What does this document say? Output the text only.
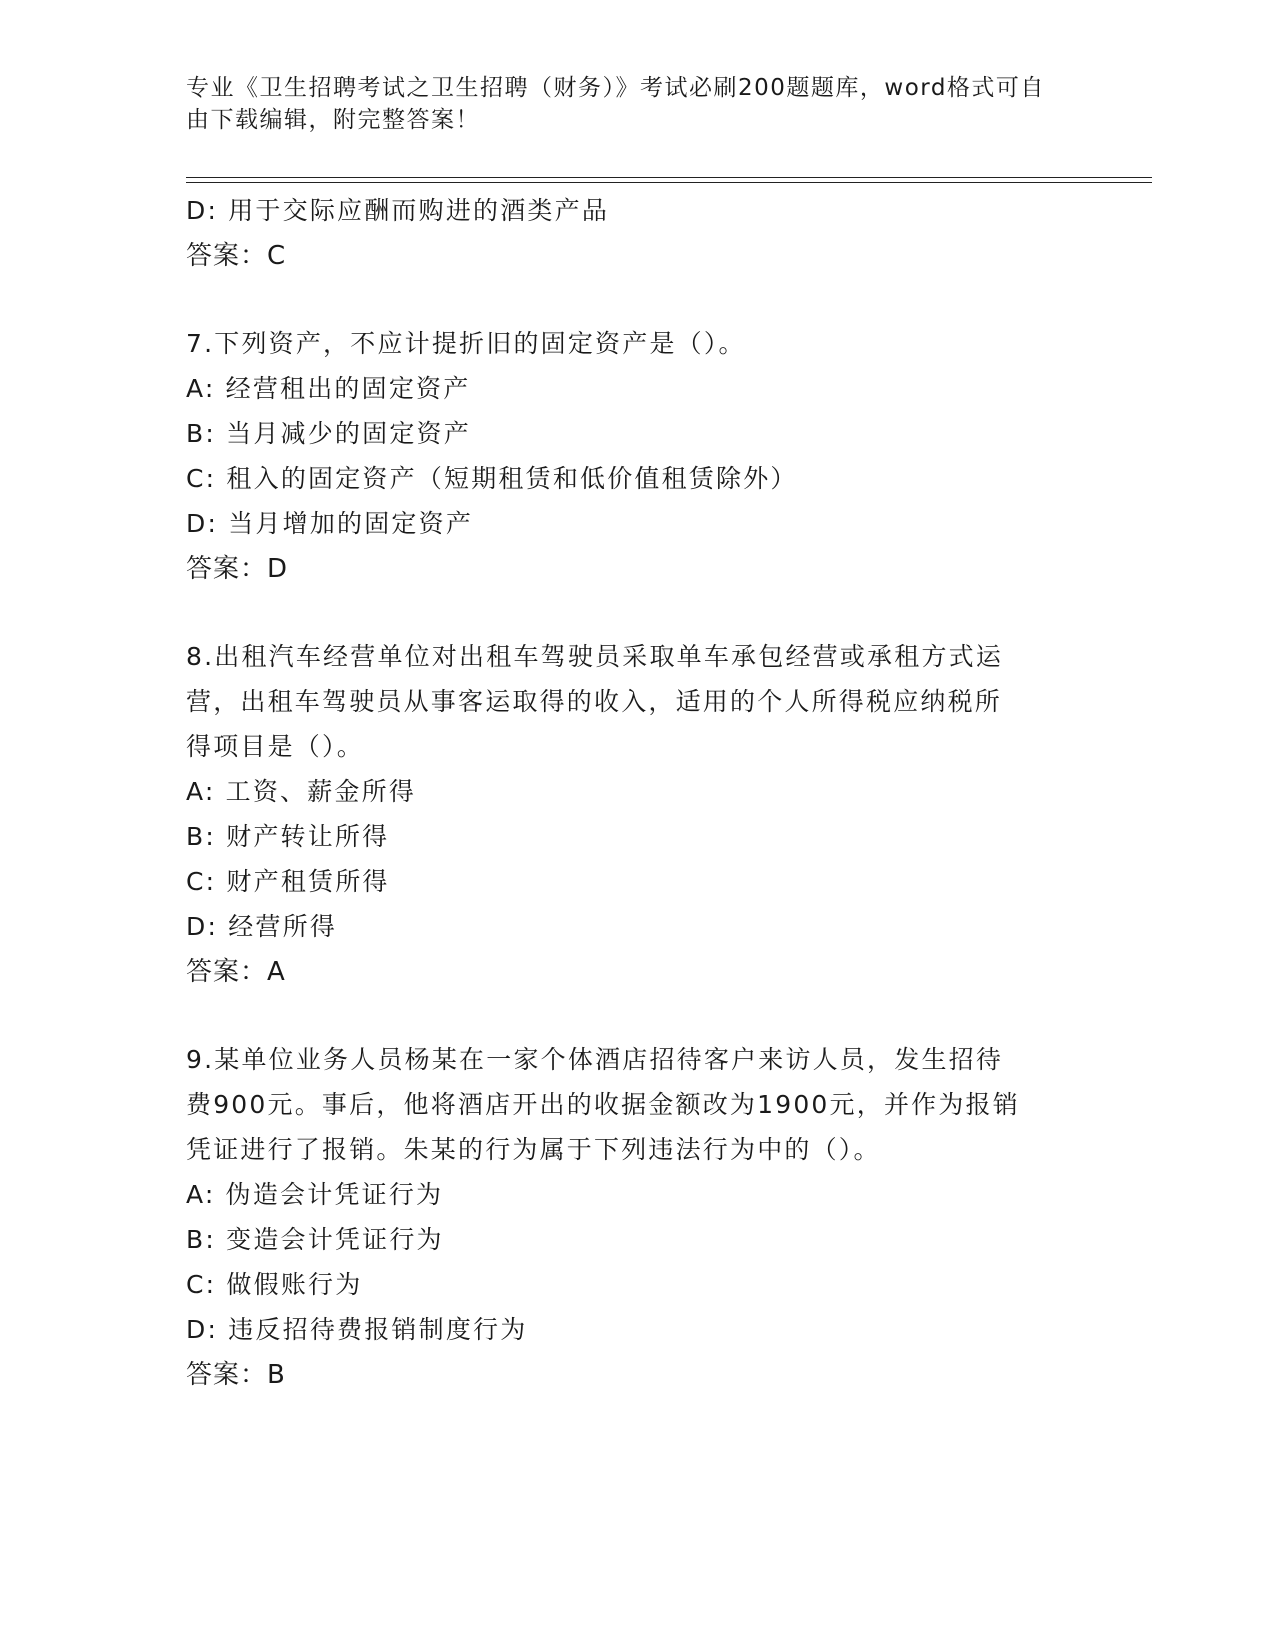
专业《卫生招聘考试之卫生招聘（财务）》考试必刷200题题库，word格式可自
由下载编辑，附完整答案！
D: 用于交际应酬而购进的酒类产品
答案：C
7.下列资产，不应计提折旧的固定资产是（）。
A: 经营租出的固定资产
B: 当月减少的固定资产
C: 租入的固定资产（短期租赁和低价值租赁除外）
D: 当月增加的固定资产
答案：D
8.出租汽车经营单位对出租车驾驶员采取单车承包经营或承租方式运
营，出租车驾驶员从事客运取得的收入，适用的个人所得税应纳税所
得项目是（）。
A: 工资、薪金所得
B: 财产转让所得
C: 财产租赁所得
D: 经营所得
答案：A
9.某单位业务人员杨某在一家个体酒店招待客户来访人员，发生招待
费900元。事后，他将酒店开出的收据金额改为1900元，并作为报销
凭证进行了报销。朱某的行为属于下列违法行为中的（）。
A: 伪造会计凭证行为
B: 变造会计凭证行为
C: 做假账行为
D: 违反招待费报销制度行为
答案：B
